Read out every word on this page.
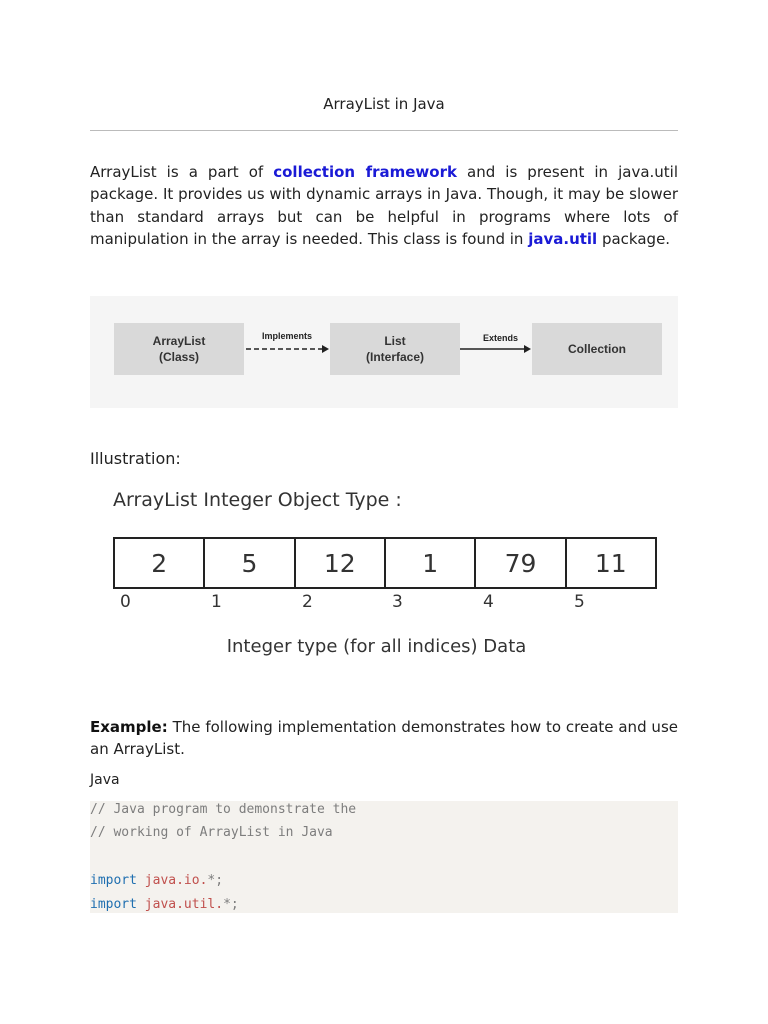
ArrayList in Java

ArrayList is a part of collection framework and is present in java.util package. It provides us with dynamic arrays in Java. Though, it may be slower than standard arrays but can be helpful in programs where lots of manipulation in the array is needed. This class is found in java.util package.

ArrayList
(Class)
Implements	List
(Interface)
Extends
Collection
Illustration:
ArrayList Integer Object Type :
2	5	12	1	79	11
0	1	2	3	4	5
Integer type (for all indices) Data

Example: The following implementation demonstrates how to create and use an ArrayList.

Java
// Java program to demonstrate the
// working of ArrayList in Java
import java.io.*;
import java.util.*;
